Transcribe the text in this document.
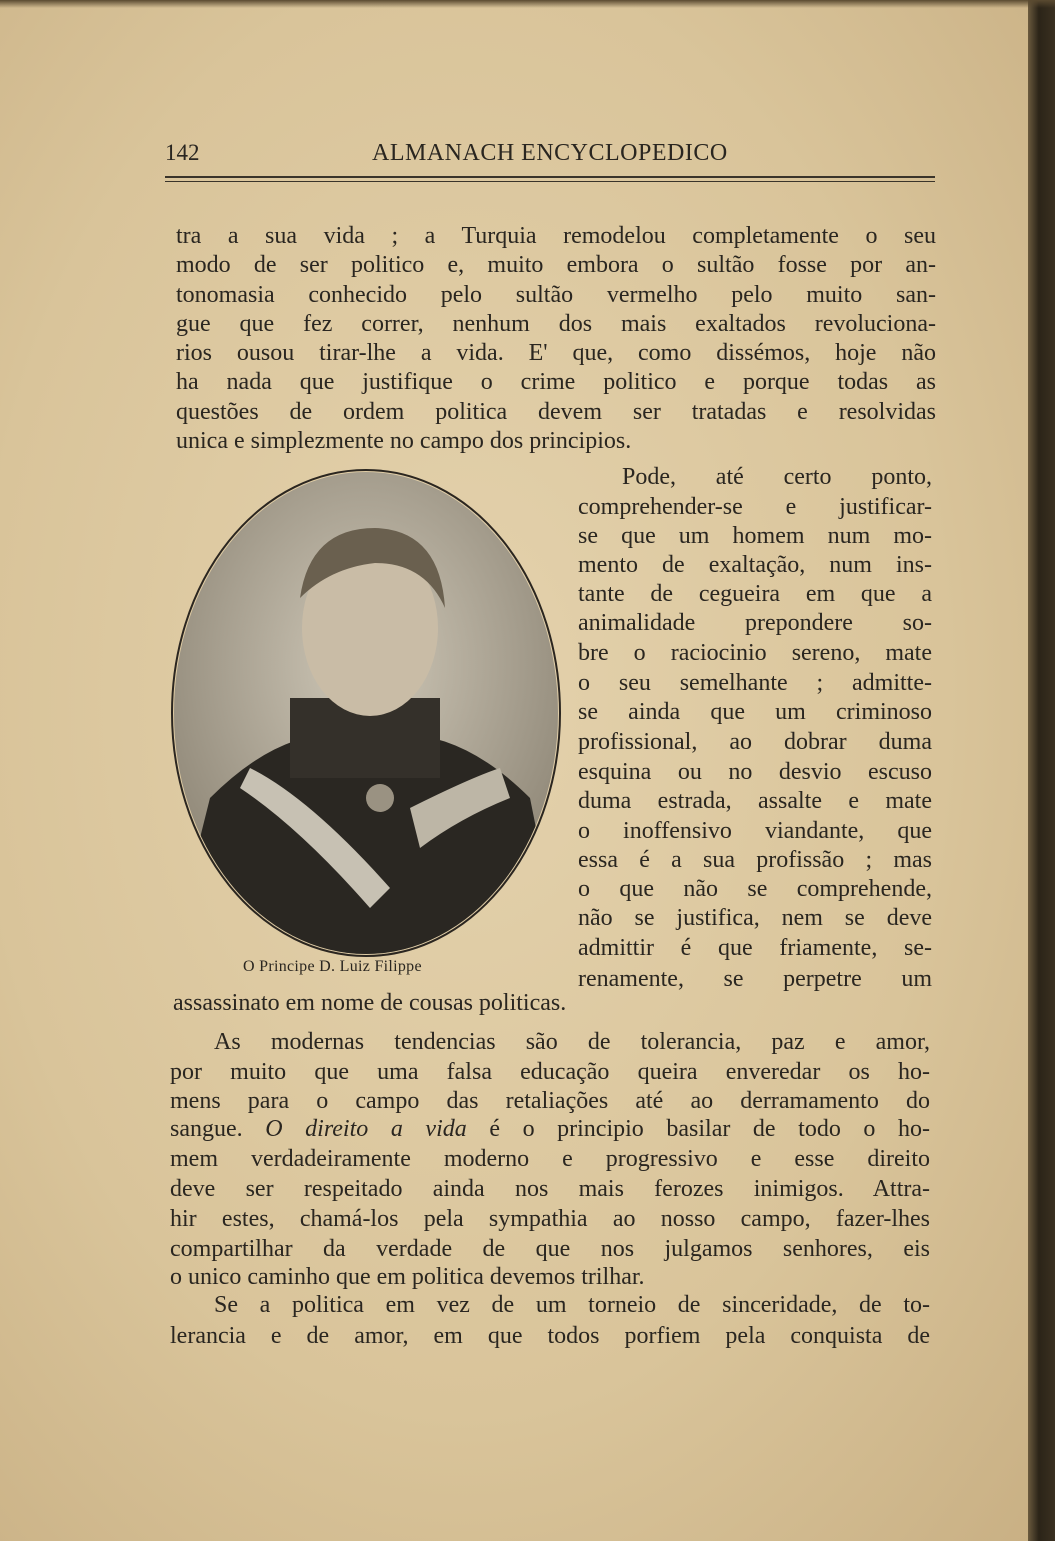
142	ALMANACH ENCYCLOPEDICO
O Principe D. Luiz Filippe
tra a sua vida ; a Turquia remodelou completamente o seu
modo de ser politico e, muito embora o sultão fosse por an-
tonomasia conhecido pelo sultão vermelho pelo muito san-
gue que fez correr, nenhum dos mais exaltados revoluciona-
rios ousou tirar-lhe a vida. E' que, como dissémos, hoje não
ha nada que justifique o crime politico e porque todas as
questões de ordem politica devem ser tratadas e resolvidas
unica e simplezmente no campo dos principios.
Pode, até certo ponto,
comprehender-se e justificar-
se que um homem num mo-
mento de exaltação, num ins-
tante de cegueira em que a
animalidade prepondere so-
bre o raciocinio sereno, mate
o seu semelhante ; admitte-
se ainda que um criminoso
profissional, ao dobrar duma
esquina ou no desvio escuso
duma estrada, assalte e mate
o inoffensivo viandante, que
essa é a sua profissão ; mas
o que não se comprehende,
não se justifica, nem se deve
admittir é que friamente, se-
renamente, se perpetre um
assassinato em nome de cousas politicas.
As modernas tendencias são de tolerancia, paz e amor,
por muito que uma falsa educação queira enveredar os ho-
mens para o campo das retaliações até ao derramamento do
sangue. O direito a vida é o principio basilar de todo o ho-
mem verdadeiramente moderno e progressivo e esse direito
deve ser respeitado ainda nos mais ferozes inimigos. Attra-
hir estes, chamá-los pela sympathia ao nosso campo, fazer-lhes
compartilhar da verdade de que nos julgamos senhores, eis
o unico caminho que em politica devemos trilhar.
Se a politica em vez de um torneio de sinceridade, de to-
lerancia e de amor, em que todos porfiem pela conquista de
